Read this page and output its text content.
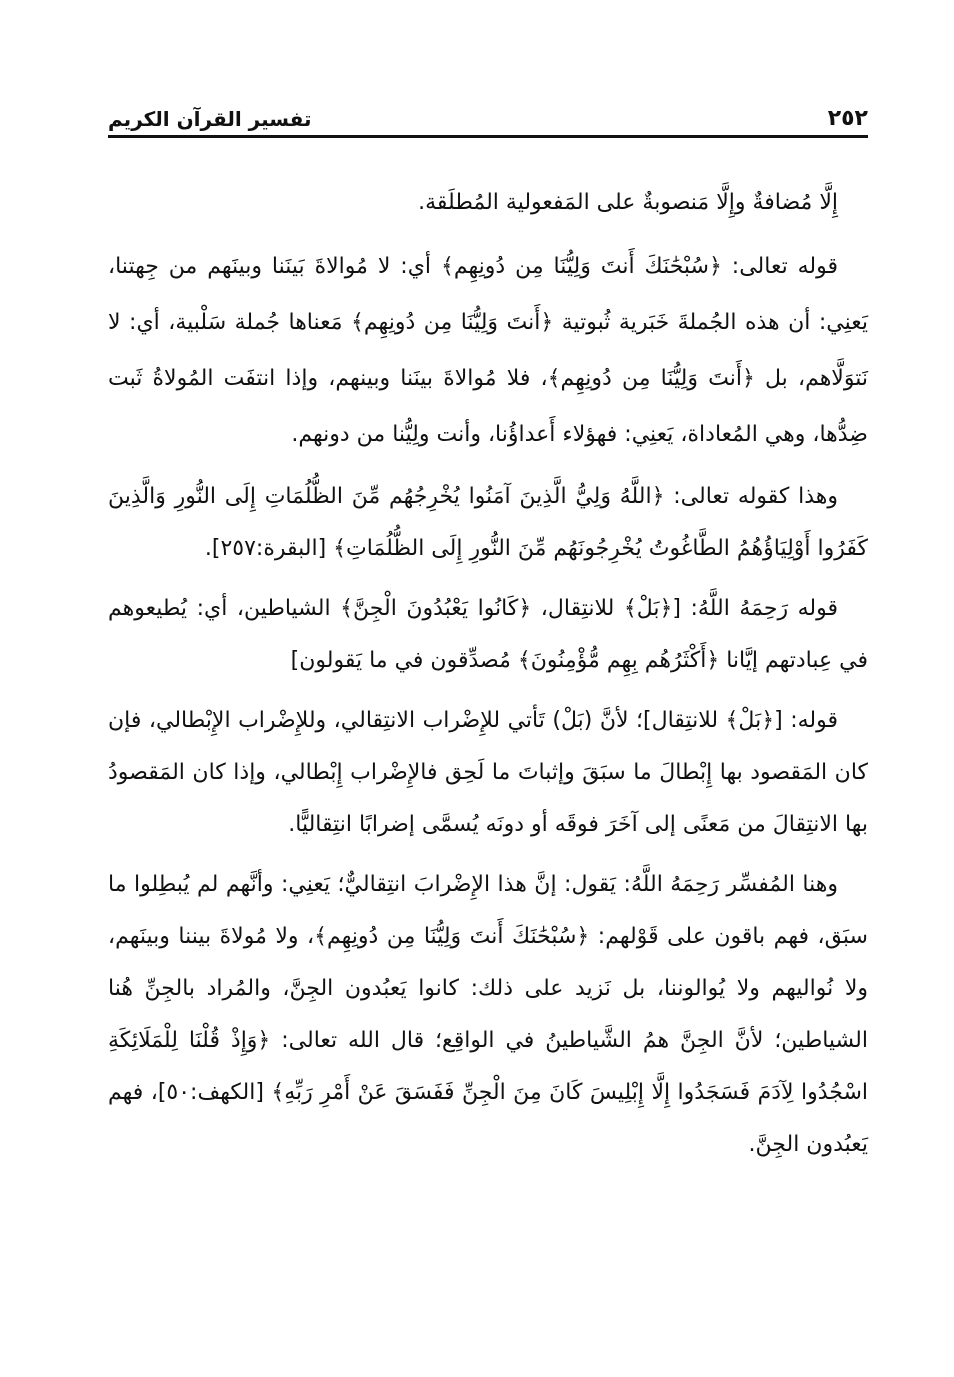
٢٥٢
تفسير القرآن الكريم

إِلَّا مُضافةٌ وإِلَّا مَنصوبةٌ على المَفعولية المُطلَقة.

قوله تعالى: ﴿سُبْحَٰنَكَ أَنتَ وَلِيُّنَا مِن دُونِهِم﴾ أي: لا مُوالاةَ بَينَنا وبينَهم من جِهتنا، يَعنِي: أن هذه الجُملةَ خَبَرية ثُبوتية ﴿أَنتَ وَلِيُّنَا مِن دُونِهِم﴾ مَعناها جُملة سَلْبية، أي: لا نَتوَلَّاهم، بل ﴿أَنتَ وَلِيُّنَا مِن دُونِهِم﴾، فلا مُوالاةَ بينَنا وبينهم، وإذا انتفَت المُولاةُ ثَبت ضِدُّها، وهي المُعاداة، يَعنِي: فهؤلاء أَعداؤُنا، وأنت ولِيُّنا من دونهم.

وهذا كقوله تعالى: ﴿اللَّهُ وَلِيُّ الَّذِينَ آمَنُوا يُخْرِجُهُم مِّنَ الظُّلُمَاتِ إِلَى النُّورِ وَالَّذِينَ كَفَرُوا أَوْلِيَاؤُهُمُ الطَّاغُوتُ يُخْرِجُونَهُم مِّنَ النُّورِ إِلَى الظُّلُمَاتِ﴾ [البقرة:٢٥٧].

قوله رَحِمَهُ اللَّهُ: [﴿بَلْ﴾ للانتِقال، ﴿كَانُوا يَعْبُدُونَ الْجِنَّ﴾ الشياطين، أي: يُطيعوهم في عِبادتهم إيَّانا ﴿أَكْثَرُهُم بِهِم مُّؤْمِنُونَ﴾ مُصدِّقون في ما يَقولون]

قوله: [﴿بَلْ﴾ للانتِقال]؛ لأنَّ (بَلْ) تَأتي للإِضْراب الانتِقالي، وللإِضْراب الإِبْطالي، فإن كان المَقصود بها إِبْطالَ ما سبَقَ وإثباتَ ما لَحِق فالإِضْراب إِبْطالي، وإذا كان المَقصودُ بها الانتِقالَ من مَعنًى إلى آخَرَ فوقَه أو دونَه يُسمَّى إضرابًا انتِقاليًّا.

وهنا المُفسِّر رَحِمَهُ اللَّهُ: يَقول: إنَّ هذا الإِضْرابَ انتِقاليٌّ؛ يَعنِي: وأنَّهم لم يُبطِلوا ما سبَق، فهم باقون على قَوْلهم: ﴿سُبْحَٰنَكَ أَنتَ وَلِيُّنَا مِن دُونِهِم﴾، ولا مُولاةَ بيننا وبينَهم، ولا نُواليهم ولا يُوالوننا، بل نَزيد على ذلك: كانوا يَعبُدون الجِنَّ، والمُراد بالجِنِّ هُنا الشياطين؛ لأنَّ الجِنَّ همُ الشَّياطينُ في الواقِع؛ قال الله تعالى: ﴿وَإِذْ قُلْنَا لِلْمَلَائِكَةِ اسْجُدُوا لِآدَمَ فَسَجَدُوا إِلَّا إِبْلِيسَ كَانَ مِنَ الْجِنِّ فَفَسَقَ عَنْ أَمْرِ رَبِّهِ﴾ [الكهف:٥٠]، فهم يَعبُدون الجِنَّ.
